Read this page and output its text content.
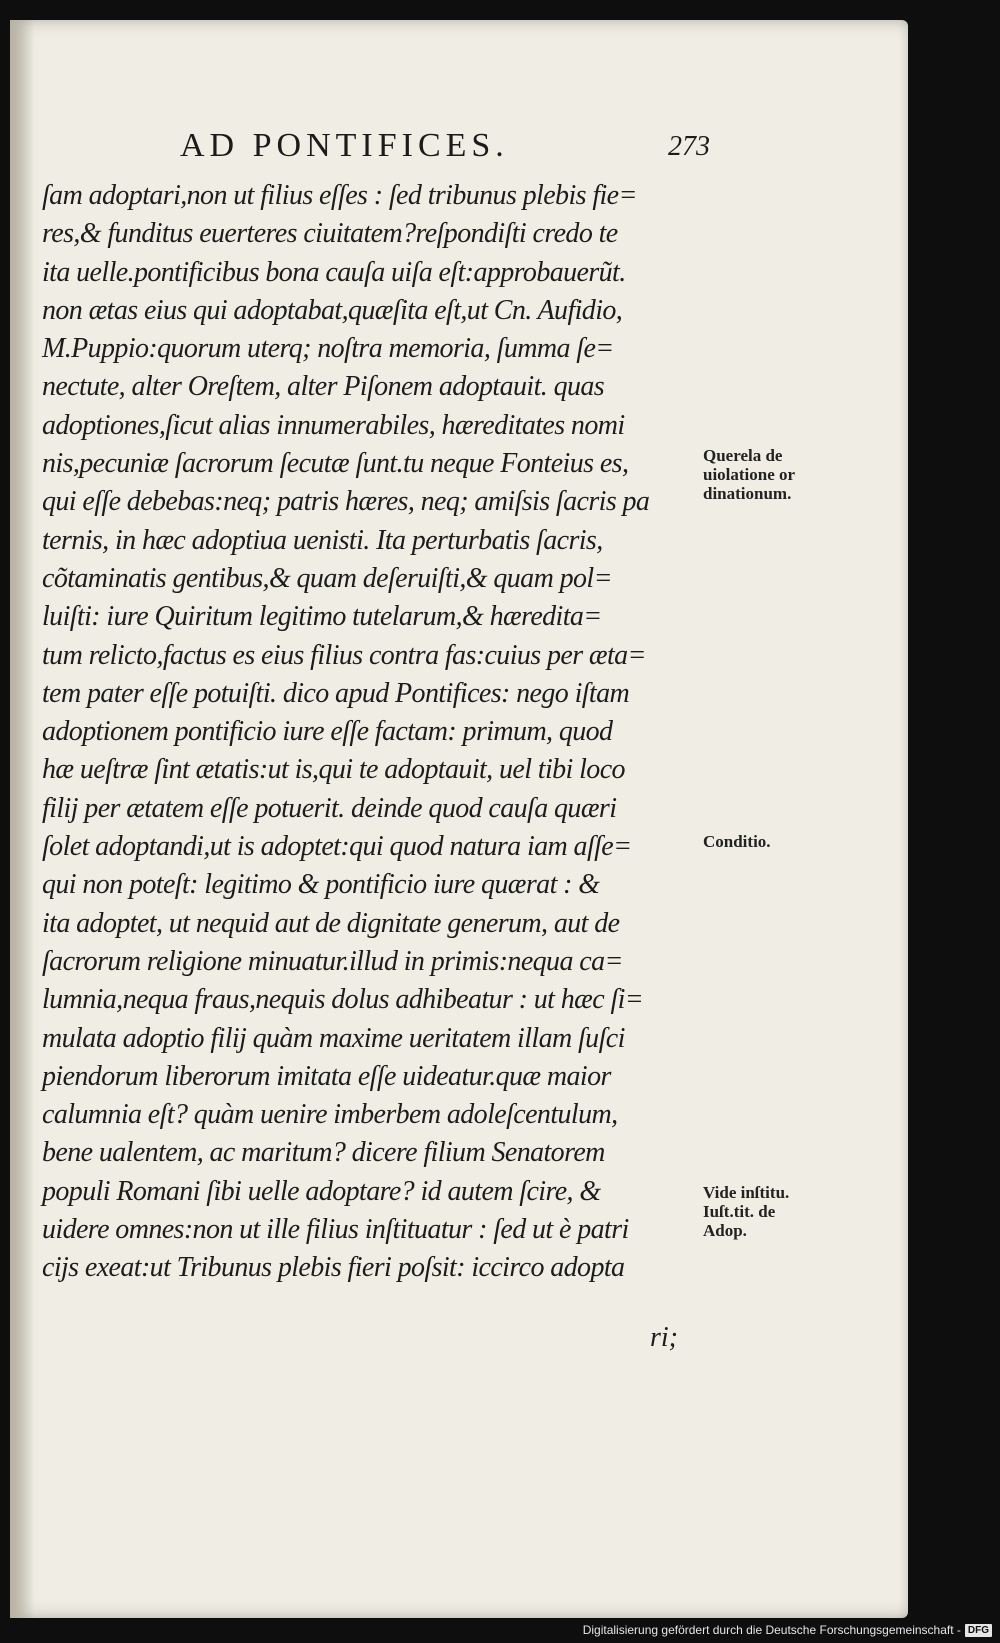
AD PONTIFICES.	273
ſam adoptari,non ut filius eſſes : ſed tribunus plebis fie=
res,& funditus euerteres ciuitatem?reſpondiſti credo te
ita uelle.pontificibus bona cauſa uiſa eſt:approbauerũt.
non ætas eius qui adoptabat,quæſita eſt,ut Cn. Aufidio,
M.Puppio:quorum uterq; noſtra memoria, ſumma ſe=
nectute, alter Oreſtem, alter Piſonem adoptauit. quas
adoptiones,ſicut alias innumerabiles, hæreditates nomi
nis,pecuniæ ſacrorum ſecutæ ſunt.tu neque Fonteius es,
qui eſſe debebas:neq; patris hæres, neq; amiſsis ſacris pa
ternis, in hæc adoptiua uenisti. Ita perturbatis ſacris,
cõtaminatis gentibus,& quam deſeruiſti,& quam pol=
luiſti: iure Quiritum legitimo tutelarum,& hæredita=
tum relicto,factus es eius filius contra fas:cuius per æta=
tem pater eſſe potuiſti. dico apud Pontifices: nego iſtam
adoptionem pontificio iure eſſe factam: primum, quod
hæ ueſtræ ſint ætatis:ut is,qui te adoptauit, uel tibi loco
filij per ætatem eſſe potuerit. deinde quod cauſa quæri
ſolet adoptandi,ut is adoptet:qui quod natura iam aſſe=
qui non poteſt: legitimo & pontificio iure quærat : &
ita adoptet, ut nequid aut de dignitate generum, aut de
ſacrorum religione minuatur.illud in primis:nequa ca=
lumnia,nequa fraus,nequis dolus adhibeatur : ut hæc ſi=
mulata adoptio filij quàm maxime ueritatem illam ſuſci
piendorum liberorum imitata eſſe uideatur.quæ maior
calumnia eſt? quàm uenire imberbem adoleſcentulum,
bene ualentem, ac maritum? dicere filium Senatorem
populi Romani ſibi uelle adoptare? id autem ſcire, &
uidere omnes:non ut ille filius inſtituatur : ſed ut è patri
cijs exeat:ut Tribunus plebis fieri poſsit: iccirco adopta
ri;
Querela de
uiolatione or
dinationum.
Conditio.
Vide inſtitu.
Iuſt.tit. de
Adop.
Digitalisierung gefördert durch die Deutsche Forschungsgemeinschaft - DFG
